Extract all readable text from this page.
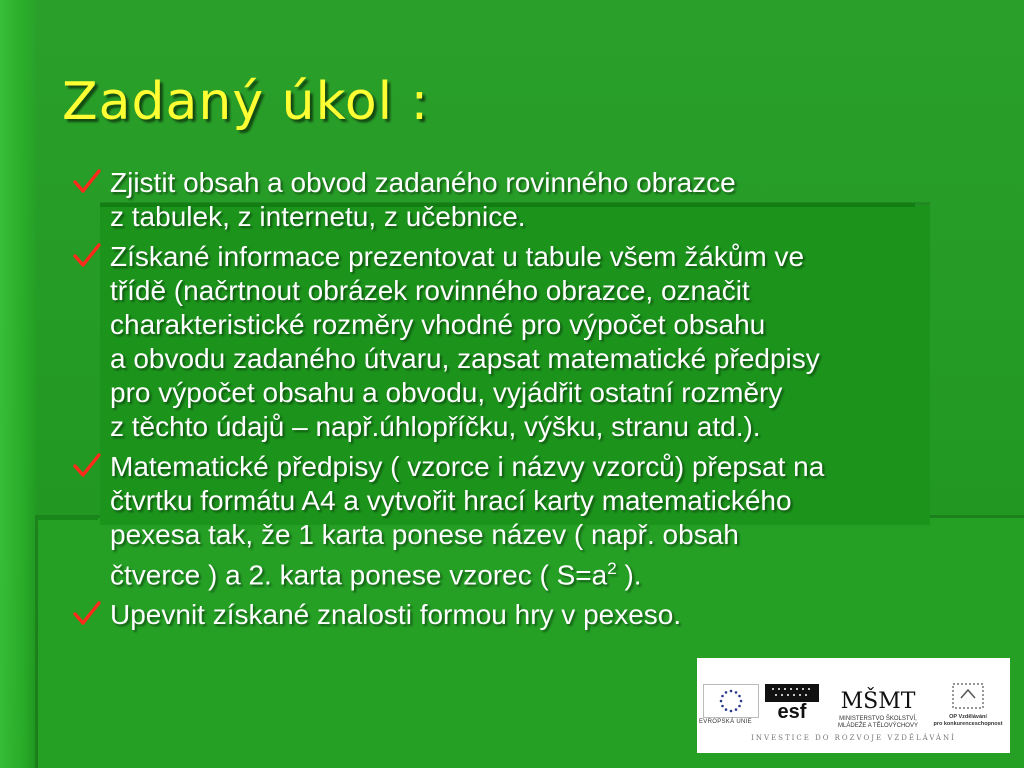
Zadaný úkol :
Zjistit obsah a obvod zadaného rovinného obrazce
z tabulek, z internetu, z učebnice.
Získané informace prezentovat u tabule všem žákům ve
třídě (načrtnout obrázek rovinného obrazce, označit
charakteristické rozměry vhodné pro výpočet obsahu
a obvodu zadaného útvaru, zapsat matematické předpisy
pro výpočet obsahu a obvodu, vyjádřit ostatní rozměry
z těchto údajů – např.úhlopříčku, výšku, stranu atd.).
Matematické předpisy ( vzorce i názvy vzorců) přepsat na
čtvrtku formátu A4 a vytvořit hrací karty matematického
pexesa tak, že 1 karta ponese název ( např. obsah
čtverce ) a 2. karta ponese vzorec ( $S=a^2$ ).
Upevnit získané znalosti formou hry v pexeso.
EVROPSKÁ UNIE esf MŠMT
MINISTERSTVO ŠKOLSTVÍ,
MLÁDEŽE A TĚLOVÝCHOVY
OP Vzdělávání
pro konkurenceschopnost
INVESTICE DO ROZVOJE VZDĚLÁVÁNÍ
